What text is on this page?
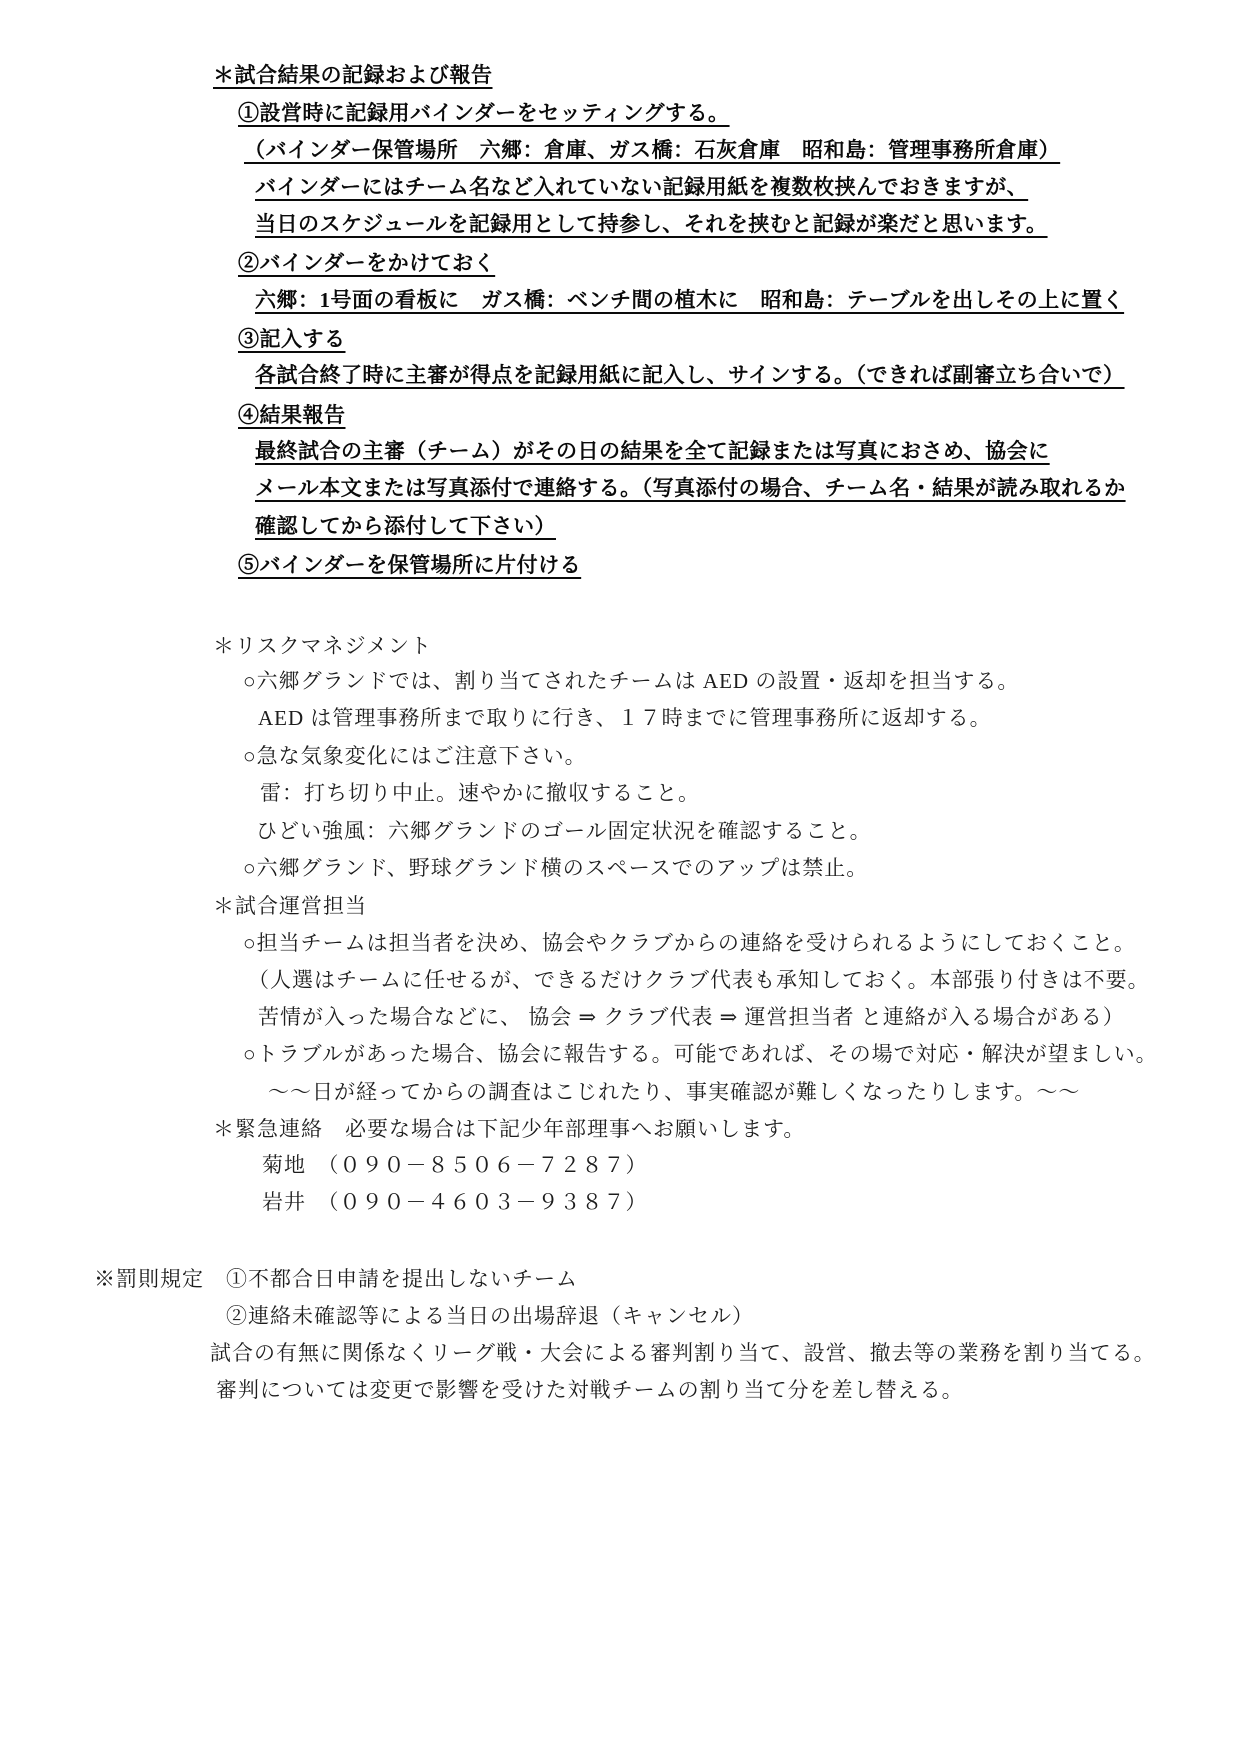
＊試合結果の記録および報告
①設営時に記録用バインダーをセッティングする。
（バインダー保管場所　六郷：倉庫、ガス橋：石灰倉庫　昭和島：管理事務所倉庫）
バインダーにはチーム名など入れていない記録用紙を複数枚挟んでおきますが、
当日のスケジュールを記録用として持参し、それを挟むと記録が楽だと思います。
②バインダーをかけておく
六郷：1号面の看板に　ガス橋：ベンチ間の植木に　昭和島：テーブルを出しその上に置く
③記入する
各試合終了時に主審が得点を記録用紙に記入し、サインする。（できれば副審立ち合いで）
④結果報告
最終試合の主審（チーム）がその日の結果を全て記録または写真におさめ、協会に
メール本文または写真添付で連絡する。（写真添付の場合、チーム名・結果が読み取れるか
確認してから添付して下さい）
⑤バインダーを保管場所に片付ける
＊リスクマネジメント
○六郷グランドでは、割り当てされたチームは AED の設置・返却を担当する。
AED は管理事務所まで取りに行き、１７時までに管理事務所に返却する。
○急な気象変化にはご注意下さい。
雷：打ち切り中止。速やかに撤収すること。
ひどい強風：六郷グランドのゴール固定状況を確認すること。
○六郷グランド、野球グランド横のスペースでのアップは禁止。
＊試合運営担当
○担当チームは担当者を決め、協会やクラブからの連絡を受けられるようにしておくこと。
（人選はチームに任せるが、できるだけクラブ代表も承知しておく。本部張り付きは不要。
苦情が入った場合などに、 協会 ⇒ クラブ代表 ⇒ 運営担当者 と連絡が入る場合がある）
○トラブルがあった場合、協会に報告する。可能であれば、その場で対応・解決が望ましい。
～～日が経ってからの調査はこじれたり、事実確認が難しくなったりします。～～
＊緊急連絡　必要な場合は下記少年部理事へお願いします。
菊地　（０９０－８５０６－７２８７）
岩井　（０９０－４６０３－９３８７）
※罰則規定　①不都合日申請を提出しないチーム
②連絡未確認等による当日の出場辞退（キャンセル）
試合の有無に関係なくリーグ戦・大会による審判割り当て、設営、撤去等の業務を割り当てる。
審判については変更で影響を受けた対戦チームの割り当て分を差し替える。
